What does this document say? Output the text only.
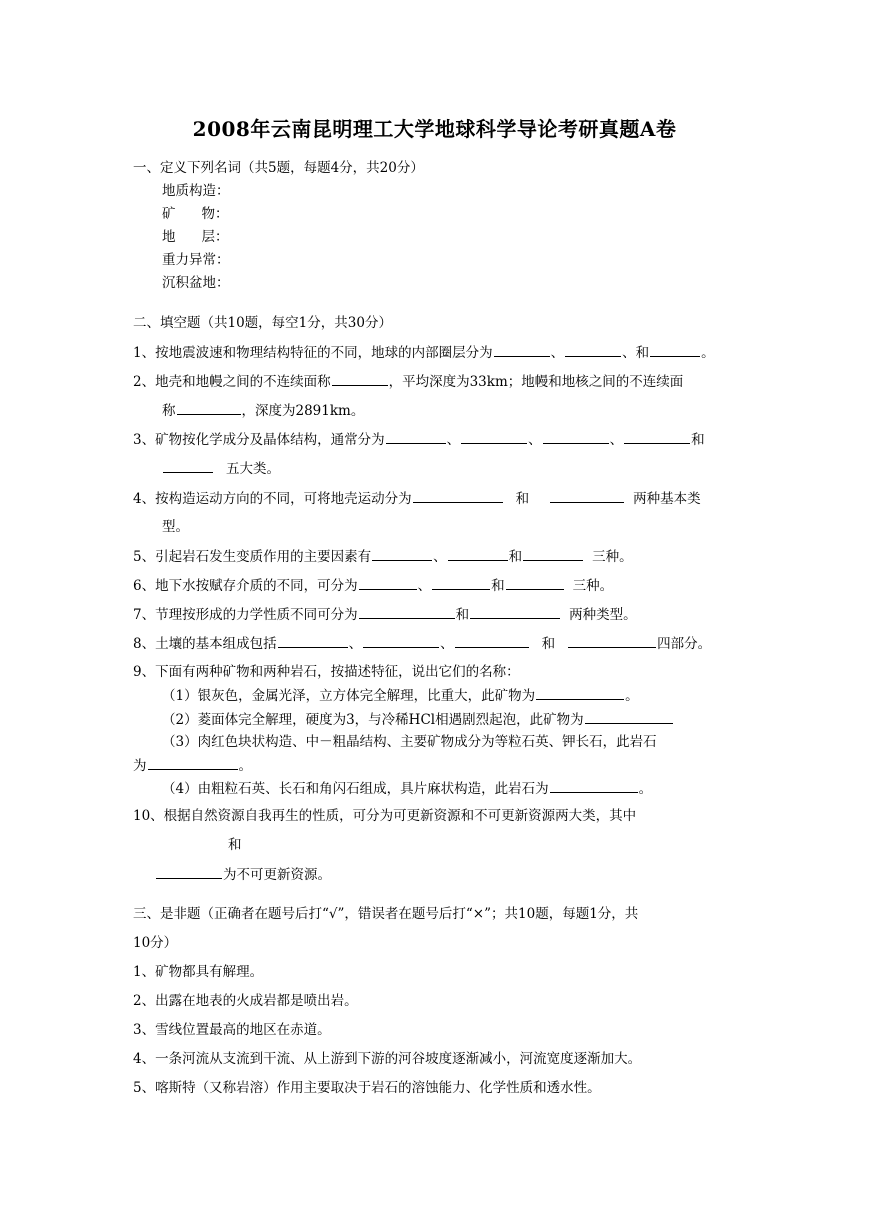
2008年云南昆明理工大学地球科学导论考研真题A卷
一、定义下列名词（共5题，每题4分，共20分）
地质构造：
矿 物：
地 层：
重力异常：
沉积盆地：
二、填空题（共10题，每空1分，共30分）
1、按地震波速和物理结构特征的不同，地球的内部圈层分为	、	、和	。
2、地壳和地幔之间的不连续面称	，平均深度为33km；地幔和地核之间的不连续面
称	，深度为2891km。
3、矿物按化学成分及晶体结构，通常分为	、	、	、	和
五大类。
4、按构造运动方向的不同，可将地壳运动分为	和	两种基本类
型。
5、引起岩石发生变质作用的主要因素有	、	和	三种。
6、地下水按赋存介质的不同，可分为	、	和	三种。
7、节理按形成的力学性质不同可分为	和	两种类型。
8、土壤的基本组成包括	、	、	和	四部分。
9、下面有两种矿物和两种岩石，按描述特征，说出它们的名称：
（1）银灰色，金属光泽，立方体完全解理，比重大，此矿物为	。
（2）菱面体完全解理，硬度为3，与冷稀HCl相遇剧烈起泡，此矿物为
（3）肉红色块状构造、中－粗晶结构、主要矿物成分为等粒石英、钾长石，此岩石
为	。
（4）由粗粒石英、长石和角闪石组成，具片麻状构造，此岩石为	。
10、根据自然资源自我再生的性质，可分为可更新资源和不可更新资源两大类，其中
和
为不可更新资源。
三、是非题（正确者在题号后打“√”，错误者在题号后打“×”；共10题，每题1分，共
10分）
1、矿物都具有解理。
2、出露在地表的火成岩都是喷出岩。
3、雪线位置最高的地区在赤道。
4、一条河流从支流到干流、从上游到下游的河谷坡度逐渐减小，河流宽度逐渐加大。
5、喀斯特（又称岩溶）作用主要取决于岩石的溶蚀能力、化学性质和透水性。
